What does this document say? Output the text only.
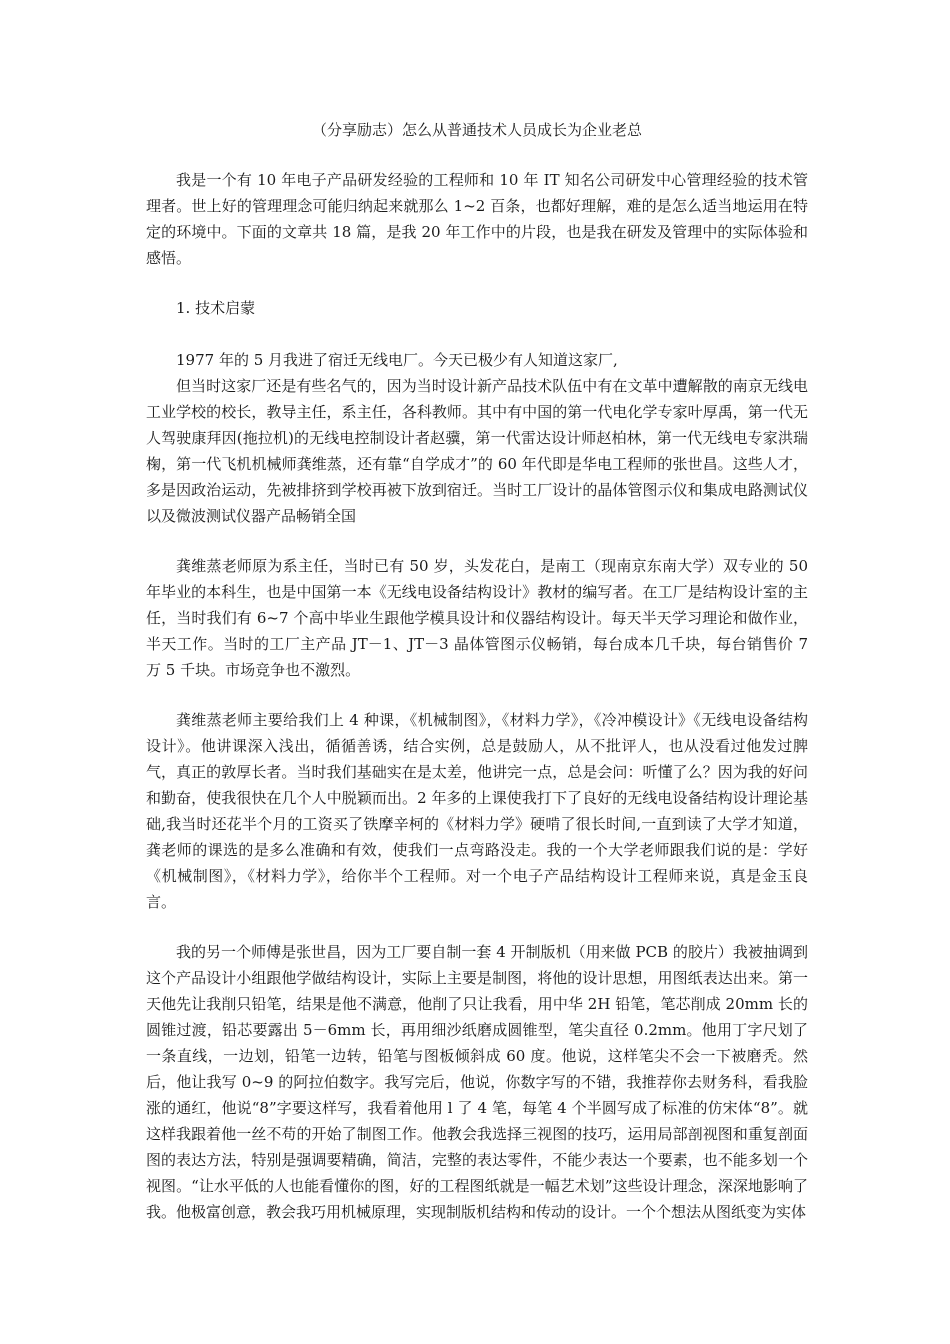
（分享励志）怎么从普通技术人员成长为企业老总

我是一个有 10 年电子产品研发经验的工程师和 10 年 IT 知名公司研发中心管理经验的技术管理者。世上好的管理理念可能归纳起来就那么 1~2 百条，也都好理解，难的是怎么适当地运用在特定的环境中。下面的文章共 18 篇，是我 20 年工作中的片段，也是我在研发及管理中的实际体验和感悟。

1. 技术启蒙

1977 年的 5 月我进了宿迁无线电厂。今天已极少有人知道这家厂,

但当时这家厂还是有些名气的，因为当时设计新产品技术队伍中有在文革中遭解散的南京无线电工业学校的校长，教导主任，系主任，各科教师。其中有中国的第一代电化学专家叶厚禹，第一代无人驾驶康拜因(拖拉机)的无线电控制设计者赵骥，第一代雷达设计师赵柏林，第一代无线电专家洪瑞椈，第一代飞机机械师龚维蒸，还有靠“自学成才”的 60 年代即是华电工程师的张世昌。这些人才，多是因政治运动，先被排挤到学校再被下放到宿迁。当时工厂设计的晶体管图示仪和集成电路测试仪以及微波测试仪器产品畅销全国

龚维蒸老师原为系主任，当时已有 50 岁，头发花白，是南工（现南京东南大学）双专业的 50 年毕业的本科生，也是中国第一本《无线电设备结构设计》教材的编写者。在工厂是结构设计室的主任，当时我们有 6~7 个高中毕业生跟他学模具设计和仪器结构设计。每天半天学习理论和做作业，半天工作。当时的工厂主产品 JT－1、JT－3 晶体管图示仪畅销，每台成本几千块，每台销售价 7 万 5 千块。市场竞争也不激烈。

龚维蒸老师主要给我们上 4 种课，《机械制图》，《材料力学》，《冷冲模设计》《无线电设备结构设计》。他讲课深入浅出，循循善诱，结合实例，总是鼓励人，从不批评人，也从没看过他发过脾气，真正的敦厚长者。当时我们基础实在是太差，他讲完一点，总是会问：听懂了么？因为我的好问和勤奋，使我很快在几个人中脱颖而出。2 年多的上课使我打下了良好的无线电设备结构设计理论基础,我当时还花半个月的工资买了铁摩辛柯的《材料力学》硬啃了很长时间,一直到读了大学才知道，龚老师的课选的是多么准确和有效，使我们一点弯路没走。我的一个大学老师跟我们说的是：学好《机械制图》，《材料力学》，给你半个工程师。对一个电子产品结构设计工程师来说，真是金玉良言。

我的另一个师傅是张世昌，因为工厂要自制一套 4 开制版机（用来做 PCB 的胶片）我被抽调到这个产品设计小组跟他学做结构设计，实际上主要是制图，将他的设计思想，用图纸表达出来。第一天他先让我削只铅笔，结果是他不满意，他削了只让我看，用中华 2H 铅笔，笔芯削成 20mm 长的圆锥过渡，铅芯要露出 5－6mm 长，再用细沙纸磨成圆锥型，笔尖直径 0.2mm。他用丁字尺划了一条直线，一边划，铅笔一边转，铅笔与图板倾斜成 60 度。他说，这样笔尖不会一下被磨秃。然后，他让我写 0~9 的阿拉伯数字。我写完后，他说，你数字写的不错，我推荐你去财务科，看我脸涨的通红，他说“8”字要这样写，我看着他用 l 了 4 笔，每笔 4 个半圆写成了标准的仿宋体“8”。就这样我跟着他一丝不苟的开始了制图工作。他教会我选择三视图的技巧，运用局部剖视图和重复剖面图的表达方法，特别是强调要精确，简洁，完整的表达零件，不能少表达一个要素，也不能多划一个视图。“让水平低的人也能看懂你的图，好的工程图纸就是一幅艺术划”这些设计理念，深深地影响了我。他极富创意，教会我巧用机械原理，实现制版机结构和传动的设计。一个个想法从图纸变为实体
